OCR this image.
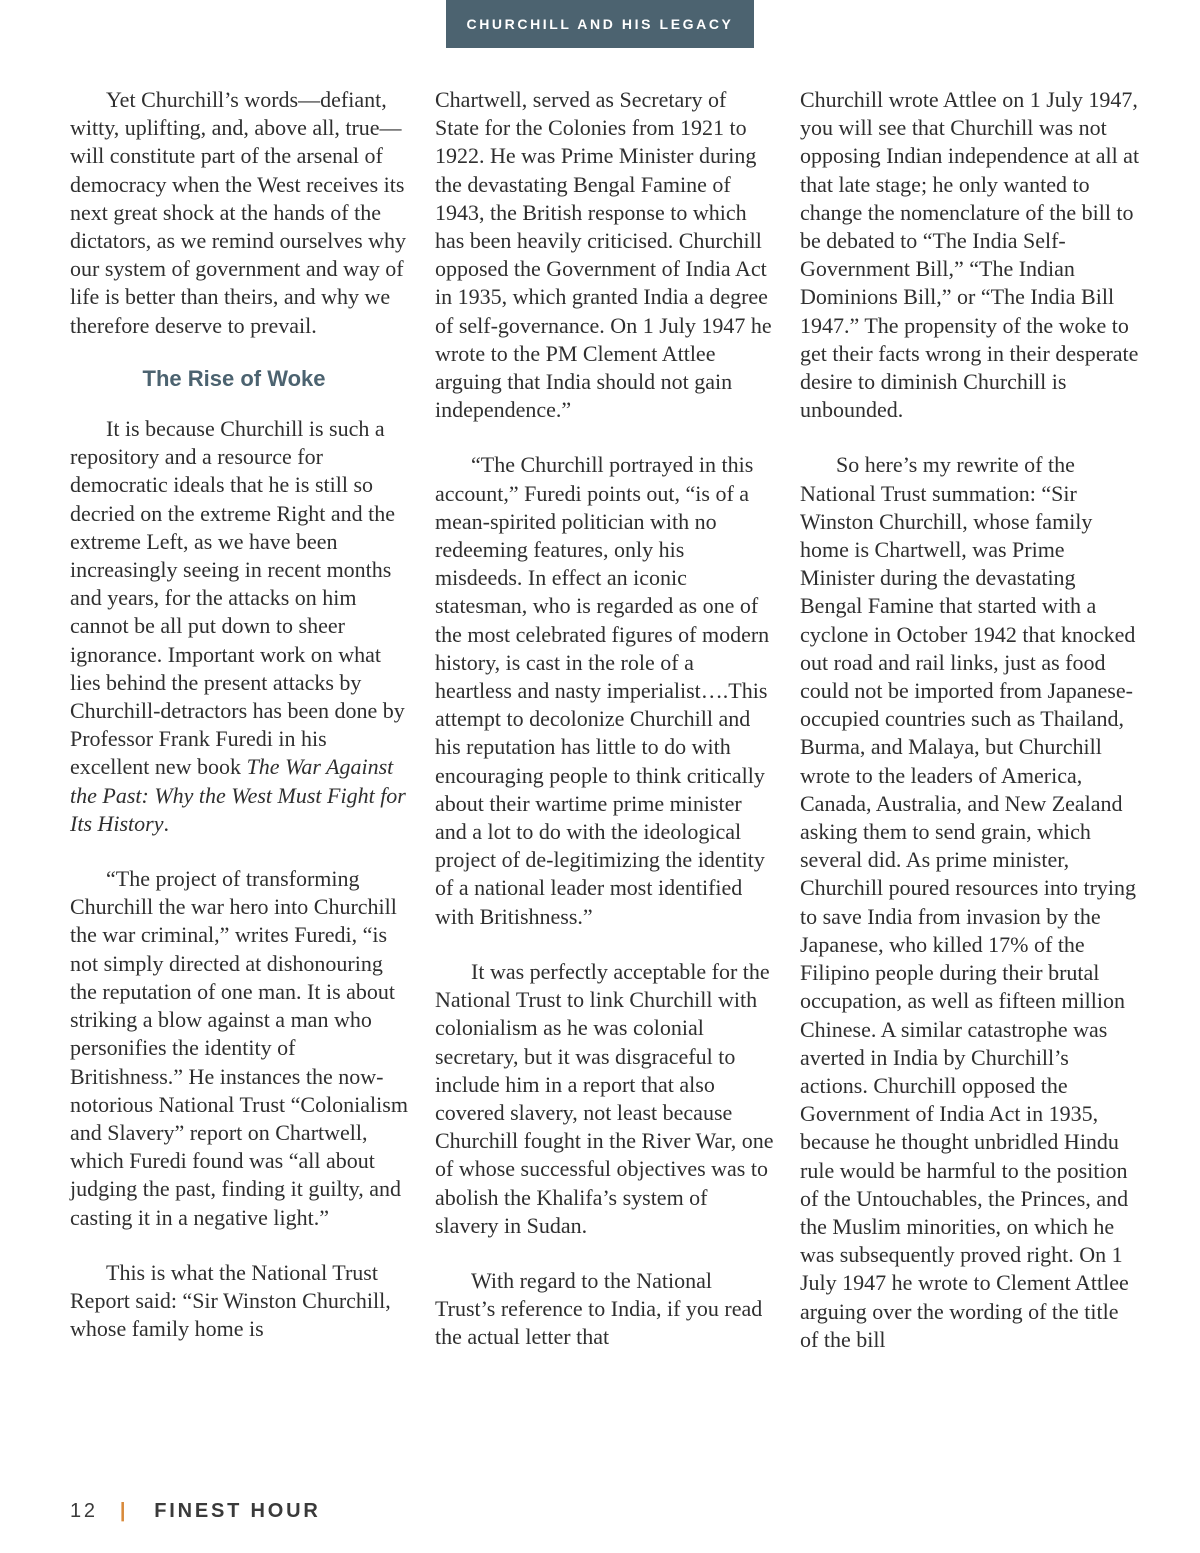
CHURCHILL AND HIS LEGACY

Yet Churchill’s words—defiant, witty, uplifting, and, above all, true—will constitute part of the arsenal of democracy when the West receives its next great shock at the hands of the dictators, as we remind ourselves why our system of government and way of life is better than theirs, and why we therefore deserve to prevail.

The Rise of Woke

It is because Churchill is such a repository and a resource for democratic ideals that he is still so decried on the extreme Right and the extreme Left, as we have been increasingly seeing in recent months and years, for the attacks on him cannot be all put down to sheer ignorance. Important work on what lies behind the present attacks by Churchill-detractors has been done by Professor Frank Furedi in his excellent new book The War Against the Past: Why the West Must Fight for Its History.

“The project of transforming Churchill the war hero into Churchill the war criminal,” writes Furedi, “is not simply directed at dishonouring the reputation of one man. It is about striking a blow against a man who personifies the identity of Britishness.” He instances the now-notorious National Trust “Colonialism and Slavery” report on Chartwell, which Furedi found was “all about judging the past, finding it guilty, and casting it in a negative light.”

This is what the National Trust Report said: “Sir Winston Churchill, whose family home is

Chartwell, served as Secretary of State for the Colonies from 1921 to 1922. He was Prime Minister during the devastating Bengal Famine of 1943, the British response to which has been heavily criticised. Churchill opposed the Government of India Act in 1935, which granted India a degree of self-governance. On 1 July 1947 he wrote to the PM Clement Attlee arguing that India should not gain independence.”

“The Churchill portrayed in this account,” Furedi points out, “is of a mean-spirited politician with no redeeming features, only his misdeeds. In effect an iconic statesman, who is regarded as one of the most celebrated figures of modern history, is cast in the role of a heartless and nasty imperialist….This attempt to decolonize Churchill and his reputation has little to do with encouraging people to think critically about their wartime prime minister and a lot to do with the ideological project of de-legitimizing the identity of a national leader most identified with Britishness.”

It was perfectly acceptable for the National Trust to link Churchill with colonialism as he was colonial secretary, but it was disgraceful to include him in a report that also covered slavery, not least because Churchill fought in the River War, one of whose successful objectives was to abolish the Khalifa’s system of slavery in Sudan.

With regard to the National Trust’s reference to India, if you read the actual letter that

Churchill wrote Attlee on 1 July 1947, you will see that Churchill was not opposing Indian independence at all at that late stage; he only wanted to change the nomenclature of the bill to be debated to “The India Self-Government Bill,” “The Indian Dominions Bill,” or “The India Bill 1947.” The propensity of the woke to get their facts wrong in their desperate desire to diminish Churchill is unbounded.

So here’s my rewrite of the National Trust summation: “Sir Winston Churchill, whose family home is Chartwell, was Prime Minister during the devastating Bengal Famine that started with a cyclone in October 1942 that knocked out road and rail links, just as food could not be imported from Japanese-occupied countries such as Thailand, Burma, and Malaya, but Churchill wrote to the leaders of America, Canada, Australia, and New Zealand asking them to send grain, which several did. As prime minister, Churchill poured resources into trying to save India from invasion by the Japanese, who killed 17% of the Filipino people during their brutal occupation, as well as fifteen million Chinese. A similar catastrophe was averted in India by Churchill’s actions. Churchill opposed the Government of India Act in 1935, because he thought unbridled Hindu rule would be harmful to the position of the Untouchables, the Princes, and the Muslim minorities, on which he was subsequently proved right. On 1 July 1947 he wrote to Clement Attlee arguing over the wording of the title of the bill

12 | FINEST HOUR
